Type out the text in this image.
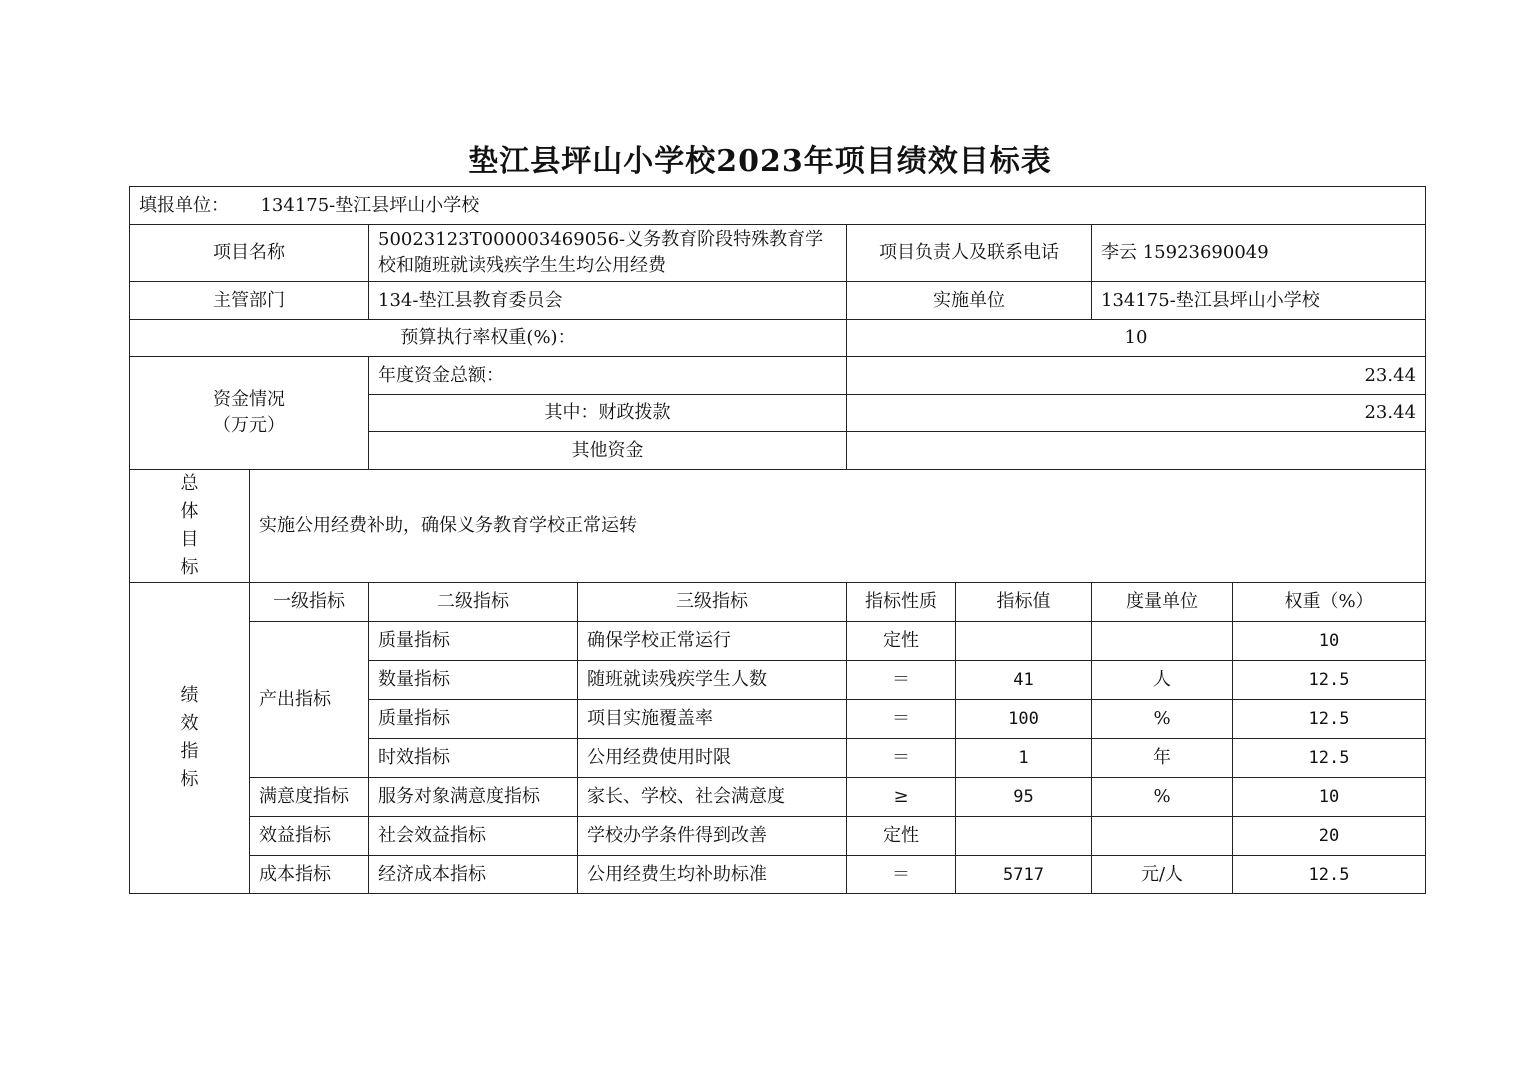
垫江县坪山小学校2023年项目绩效目标表
填报单位： 134175-垫江县坪山小学校							
项目名称		50023123T000003469056-义务教育阶段特殊教育学校和随班就读残疾学生生均公用经费		项目负责人及联系电话		李云 15923690049	
主管部门		134-垫江县教育委员会		实施单位		134175-垫江县坪山小学校	
预算执行率权重(%)：				10			

资金情况
（万元）		年度资金总额：		23.44			
		其中：财政拨款		23.44			
		其他资金					

总
体
目
标	实施公用经费补助，确保义务教育学校正常运转						

绩
效
指
标	一级指标	二级指标	三级指标	指标性质	指标值	度量单位	权重（%）
	产出指标	质量指标	确保学校正常运行	定性			10
		数量指标	随班就读残疾学生人数	＝	41	人	12.5
		质量指标	项目实施覆盖率	＝	100	%	12.5
		时效指标	公用经费使用时限	＝	1	年	12.5
	满意度指标	服务对象满意度指标	家长、学校、社会满意度	≥	95	%	10
	效益指标	社会效益指标	学校办学条件得到改善	定性			20
	成本指标	经济成本指标	公用经费生均补助标准	＝	5717	元/人	12.5
